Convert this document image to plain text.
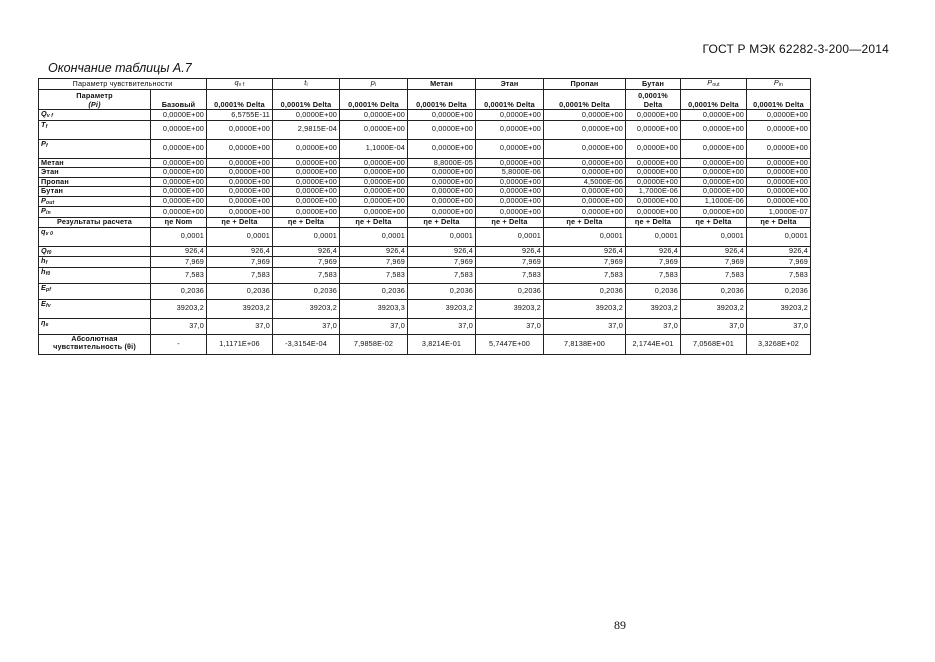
ГОСТ Р МЭК 62282-3-200—2014
Окончание таблицы А.7
Параметр чувствительности		$q_{v f}$	$t_i$	$p_i$	Метан	Этан	Пропан	Бутан	$P_{out}$	$P_{in}$
Параметр
(Pi)	Базовый	0,0001% Delta	0,0001% Delta	0,0001% Delta	0,0001% Delta	0,0001% Delta	0,0001% Delta	0,0001%
Delta	0,0001% Delta	0,0001% Delta
$Q_{v f}$	0,0000E+00	6,5755E-11	0,0000E+00	0,0000E+00	0,0000E+00	0,0000E+00	0,0000E+00	0,0000E+00	0,0000E+00	0,0000E+00
$T_f$	0,0000E+00	0,0000E+00	2,9815E-04	0,0000E+00	0,0000E+00	0,0000E+00	0,0000E+00	0,0000E+00	0,0000E+00	0,0000E+00
$P_f$	0,0000E+00	0,0000E+00	0,0000E+00	1,1000E-04	0,0000E+00	0,0000E+00	0,0000E+00	0,0000E+00	0,0000E+00	0,0000E+00
Метан	0,0000E+00	0,0000E+00	0,0000E+00	0,0000E+00	8,8000E-05	0,0000E+00	0,0000E+00	0,0000E+00	0,0000E+00	0,0000E+00
Этан	0,0000E+00	0,0000E+00	0,0000E+00	0,0000E+00	0,0000E+00	5,8000E-06	0,0000E+00	0,0000E+00	0,0000E+00	0,0000E+00
Пропан	0,0000E+00	0,0000E+00	0,0000E+00	0,0000E+00	0,0000E+00	0,0000E+00	4,5000E-06	0,0000E+00	0,0000E+00	0,0000E+00
Бутан	0,0000E+00	0,0000E+00	0,0000E+00	0,0000E+00	0,0000E+00	0,0000E+00	0,0000E+00	1,7000E-06	0,0000E+00	0,0000E+00
$P_{out}$	0,0000E+00	0,0000E+00	0,0000E+00	0,0000E+00	0,0000E+00	0,0000E+00	0,0000E+00	0,0000E+00	1,1000E-06	0,0000E+00
$P_{in}$	0,0000E+00	0,0000E+00	0,0000E+00	0,0000E+00	0,0000E+00	0,0000E+00	0,0000E+00	0,0000E+00	0,0000E+00	1,0000E-07
Результаты расчета	ηe Nom	ηe + Delta	ηe + Delta	ηe + Delta	ηe + Delta	ηe + Delta	ηe + Delta	ηe + Delta	ηe + Delta	ηe + Delta
$q_{v 0}$	0,0001	0,0001	0,0001	0,0001	0,0001	0,0001	0,0001	0,0001	0,0001	0,0001
$Q_{f0}$	926,4	926,4	926,4	926,4	926,4	926,4	926,4	926,4	926,4	926,4
$h_f$	7,969	7,969	7,969	7,969	7,969	7,969	7,969	7,969	7,969	7,969
$h_{f0}$	7,583	7,583	7,583	7,583	7,583	7,583	7,583	7,583	7,583	7,583
$E_{pf}$	0,2036	0,2036	0,2036	0,2036	0,2036	0,2036	0,2036	0,2036	0,2036	0,2036
$E_{fv}$	39203,2	39203,2	39203,2	39203,3	39203,2	39203,2	39203,2	39203,2	39203,2	39203,2
$\eta_e$	37,0	37,0	37,0	37,0	37,0	37,0	37,0	37,0	37,0	37,0
Абсолютная
чувствительность (θi)	-	1,1171E+06	-3,3154E-04	7,9858E-02	3,8214E-01	5,7447E+00	7,8138E+00	2,1744E+01	7,0568E+01	3,3268E+02
89
